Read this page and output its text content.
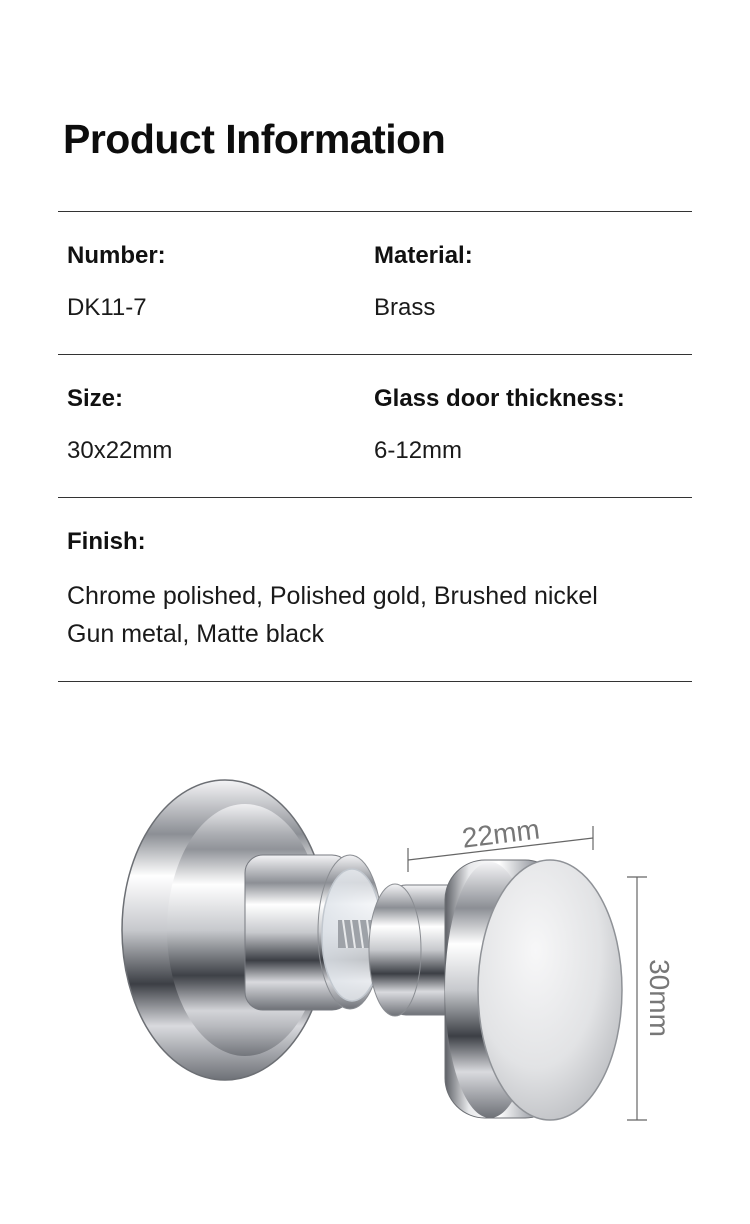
Product Information
Number:
DK11-7
Material:
Brass
Size:
30x22mm
Glass door thickness:
6-12mm
Finish:
Chrome polished, Polished gold, Brushed nickel
Gun metal, Matte black
22mm
30mm
